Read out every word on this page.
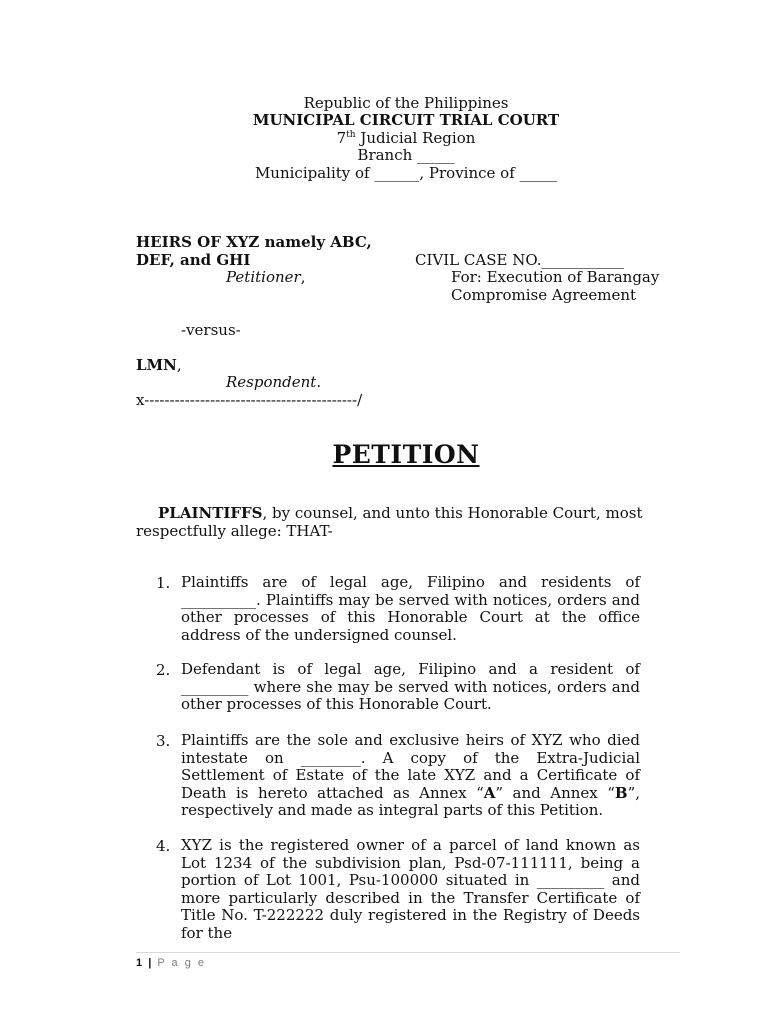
Republic of the Philippines
MUNICIPAL CIRCUIT TRIAL COURT
7th Judicial Region
Branch _____
Municipality of ______, Province of _____
HEIRS OF XYZ namely ABC,
DEF, and GHI	CIVIL CASE NO.___________
Petitioner,	For: Execution of Barangay
Compromise Agreement
-versus-
LMN,
Respondent.
x------------------------------------------/
PETITION
PLAINTIFFS, by counsel, and unto this Honorable Court, most respectfully allege: THAT-
1. Plaintiffs are of legal age, Filipino and residents of __________. Plaintiffs may be served with notices, orders and other processes of this Honorable Court at the office address of the undersigned counsel.
2. Defendant is of legal age, Filipino and a resident of _________ where she may be served with notices, orders and other processes of this Honorable Court.
3. Plaintiffs are the sole and exclusive heirs of XYZ who died intestate on ________. A copy of the Extra-Judicial Settlement of Estate of the late XYZ and a Certificate of Death is hereto attached as Annex “A” and Annex “B”, respectively and made as integral parts of this Petition.
4. XYZ is the registered owner of a parcel of land known as Lot 1234 of the subdivision plan, Psd-07-111111, being a portion of Lot 1001, Psu-100000 situated in _________ and more particularly described in the Transfer Certificate of Title No. T-222222 duly registered in the Registry of Deeds for the
1 | P a g e
